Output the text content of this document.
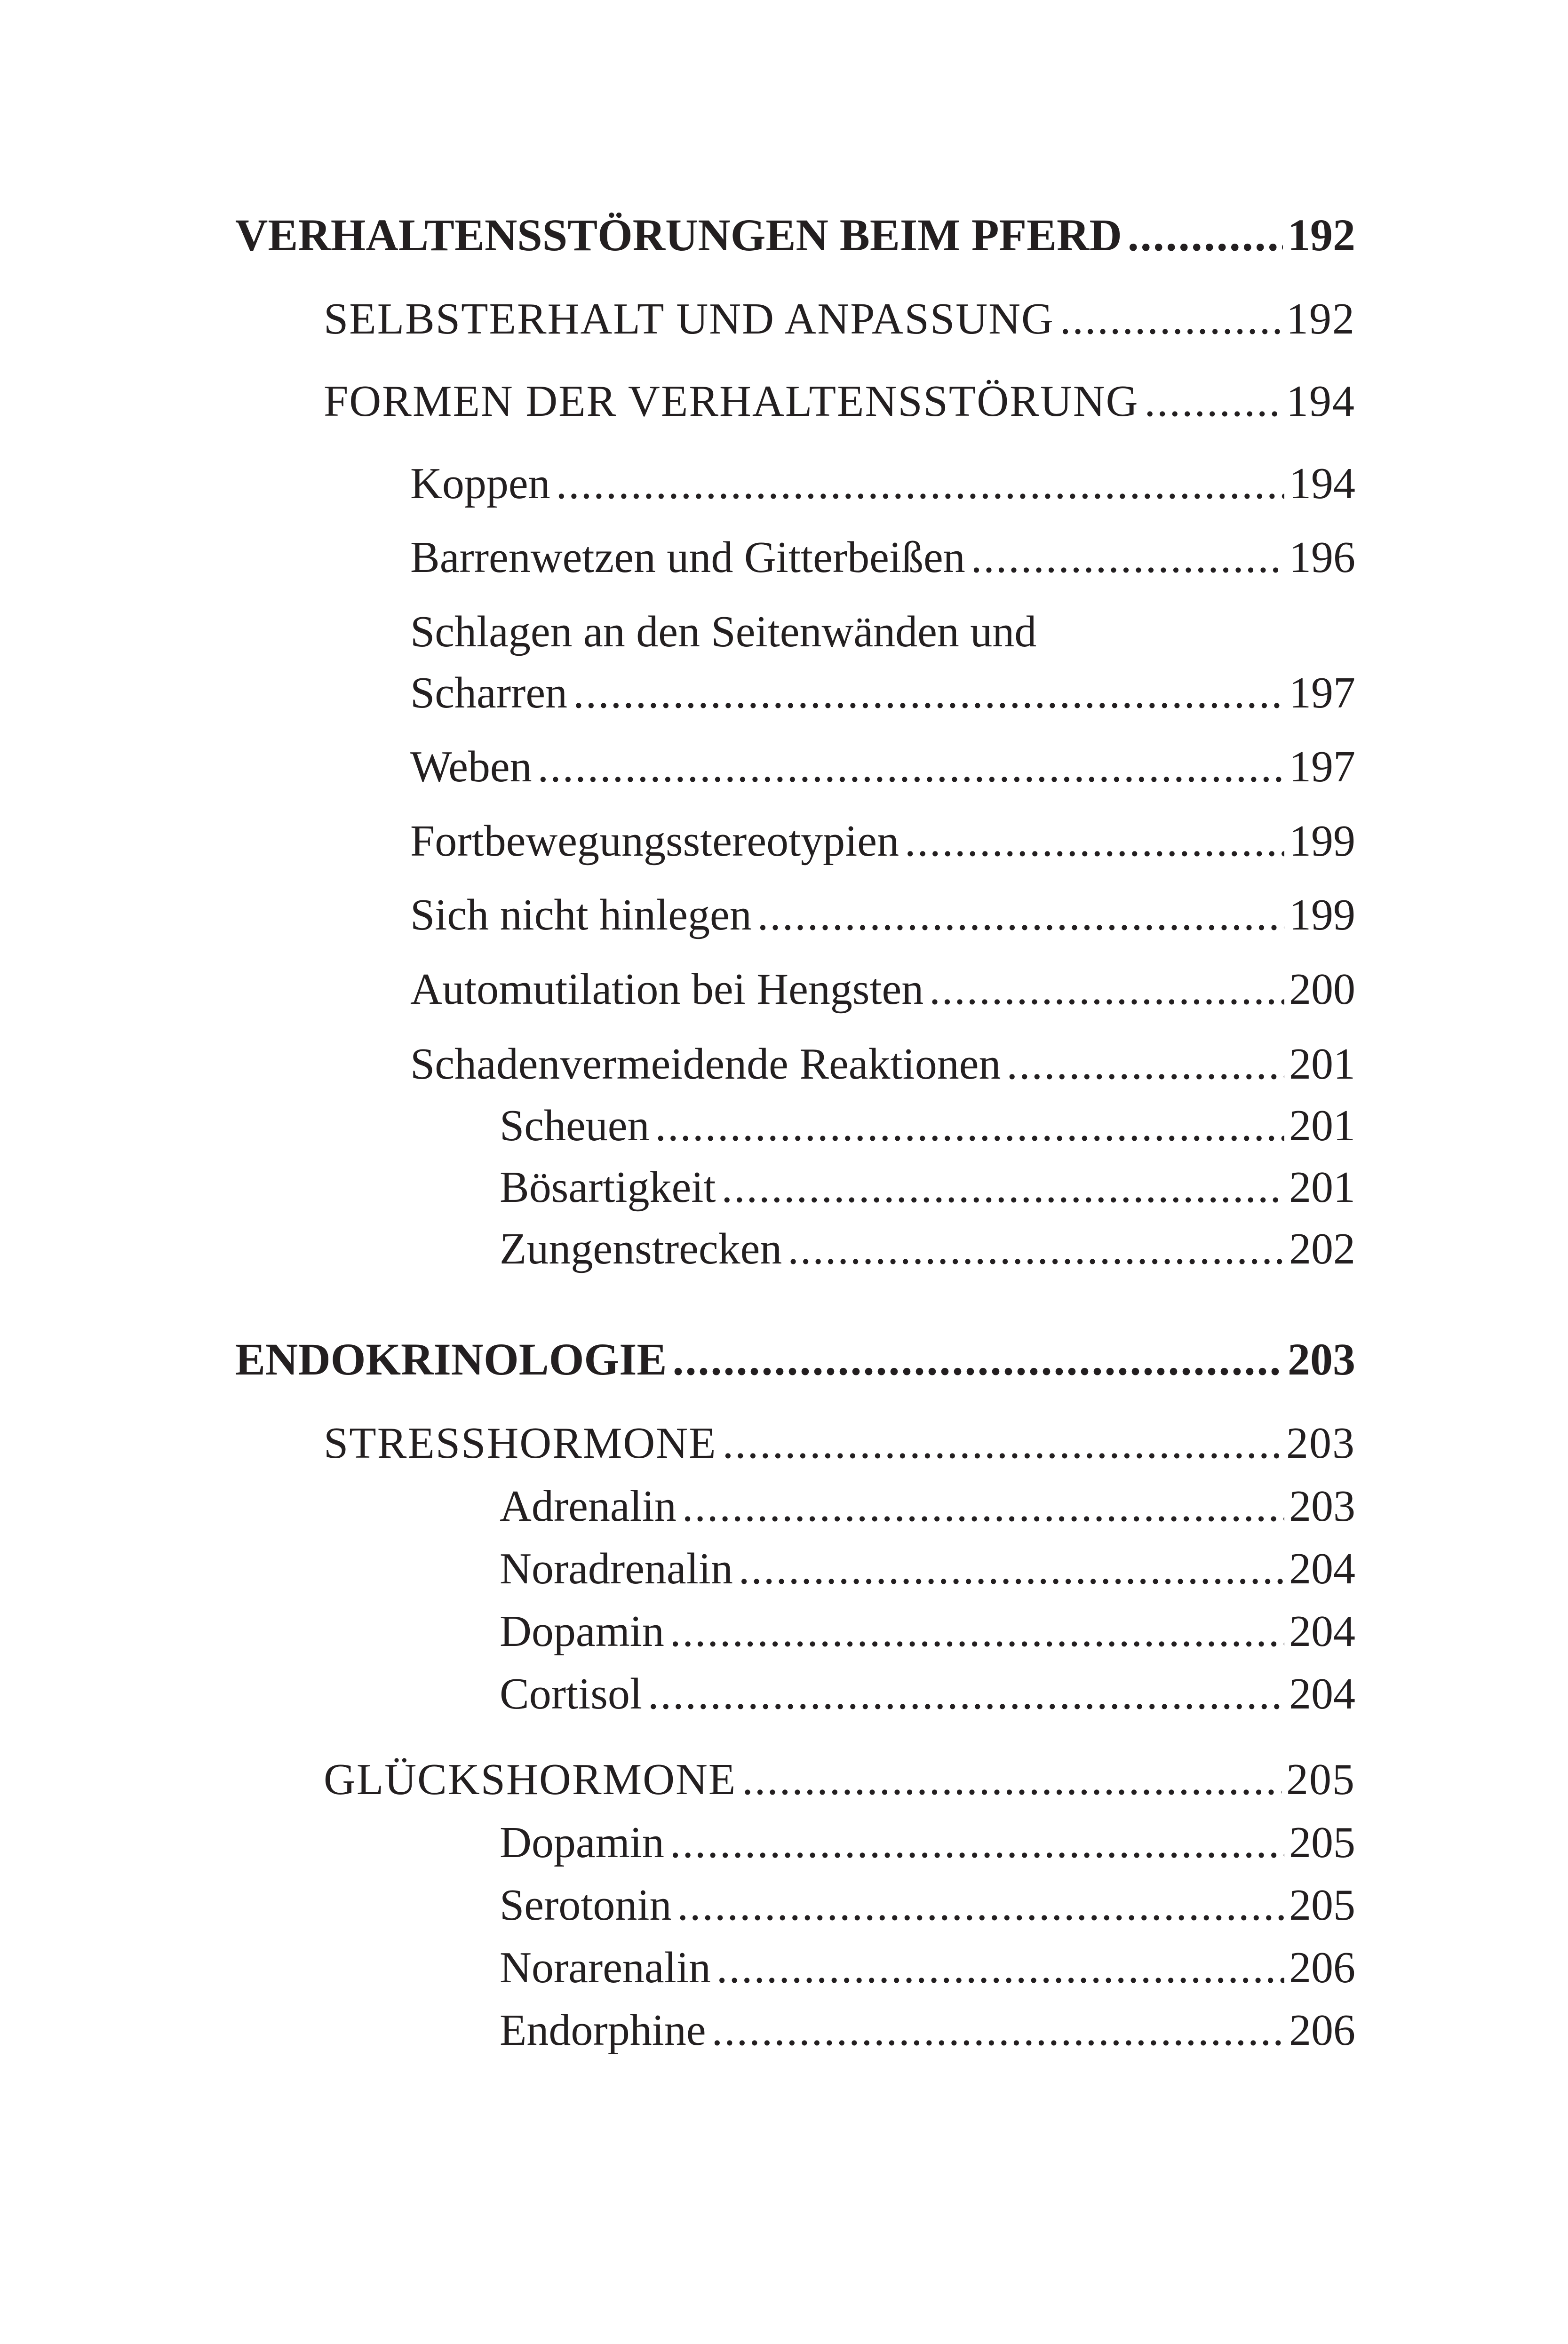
VERHALTENSSTÖRUNGEN BEIM PFERD .....	192
SELBSTERHALT UND ANPASSUNG .....	192
FORMEN DER VERHALTENSSTÖRUNG .....	194
Koppen .....	194
Barrenwetzen und Gitterbeißen .....	196
Schlagen an den Seitenwänden und
Scharren .....	197
Weben .....	197
Fortbewegungsstereotypien .....	199
Sich nicht hinlegen .....	199
Automutilation bei Hengsten .....	200
Schadenvermeidende Reaktionen .....	201
Scheuen .....	201
Bösartigkeit .....	201
Zungenstrecken .....	202
ENDOKRINOLOGIE .....	203
STRESSHORMONE .....	203
Adrenalin .....	203
Noradrenalin .....	204
Dopamin .....	204
Cortisol .....	204
GLÜCKSHORMONE .....	205
Dopamin .....	205
Serotonin .....	205
Norarenalin .....	206
Endorphine .....	206
